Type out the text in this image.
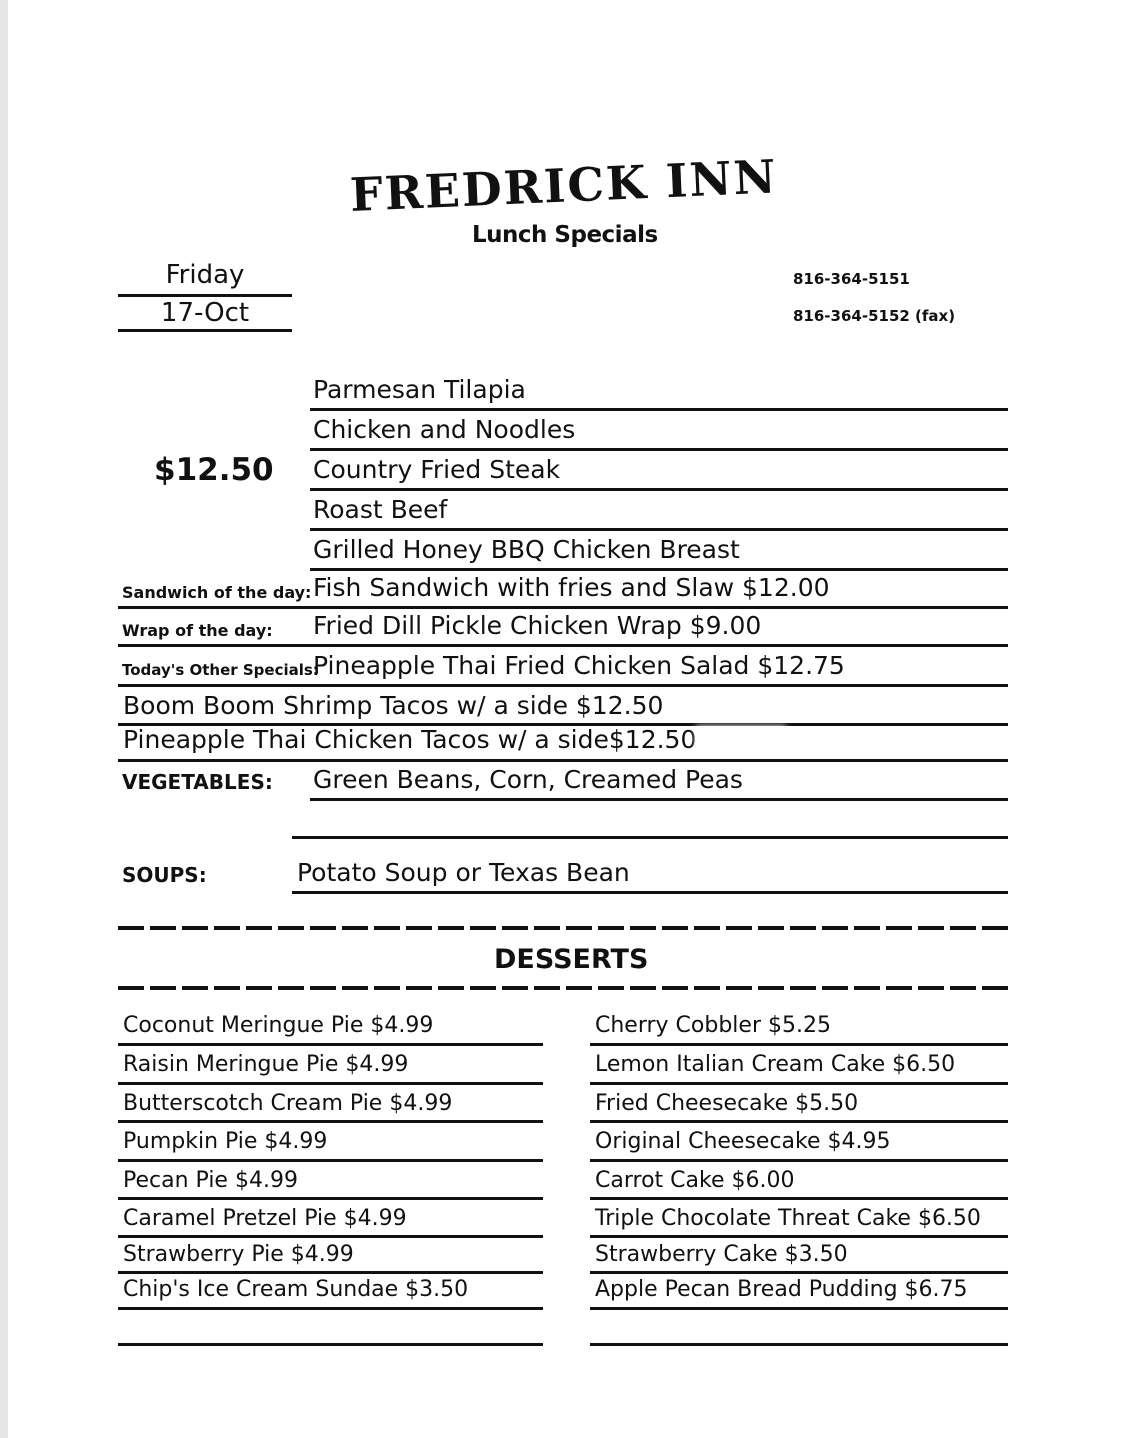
FREDRICK INN
Lunch Specials
Friday
17-Oct
816-364-5151
816-364-5152 (fax)
$12.50
Parmesan Tilapia
Chicken and Noodles
Country Fried Steak
Roast Beef
Grilled Honey BBQ Chicken Breast
Sandwich of the day: Fish Sandwich with fries and Slaw $12.00
Wrap of the day: Fried Dill Pickle Chicken Wrap $9.00
Today's Other Specials:
Pineapple Thai Fried Chicken Salad $12.75
Boom Boom Shrimp Tacos w/ a side $12.50
Pineapple Thai Chicken Tacos w/ a side$12.50
VEGETABLES: Green Beans, Corn, Creamed Peas
SOUPS:	Potato Soup or Texas Bean
DESSERTS
Coconut Meringue Pie $4.99
Raisin Meringue Pie $4.99
Butterscotch Cream Pie $4.99
Pumpkin Pie $4.99
Pecan Pie $4.99
Caramel Pretzel Pie $4.99
Strawberry Pie $4.99
Chip's Ice Cream Sundae $3.50
Cherry Cobbler $5.25
Lemon Italian Cream Cake $6.50
Fried Cheesecake $5.50
Original Cheesecake $4.95
Carrot Cake $6.00
Triple Chocolate Threat Cake $6.50
Strawberry Cake $3.50
Apple Pecan Bread Pudding $6.75
